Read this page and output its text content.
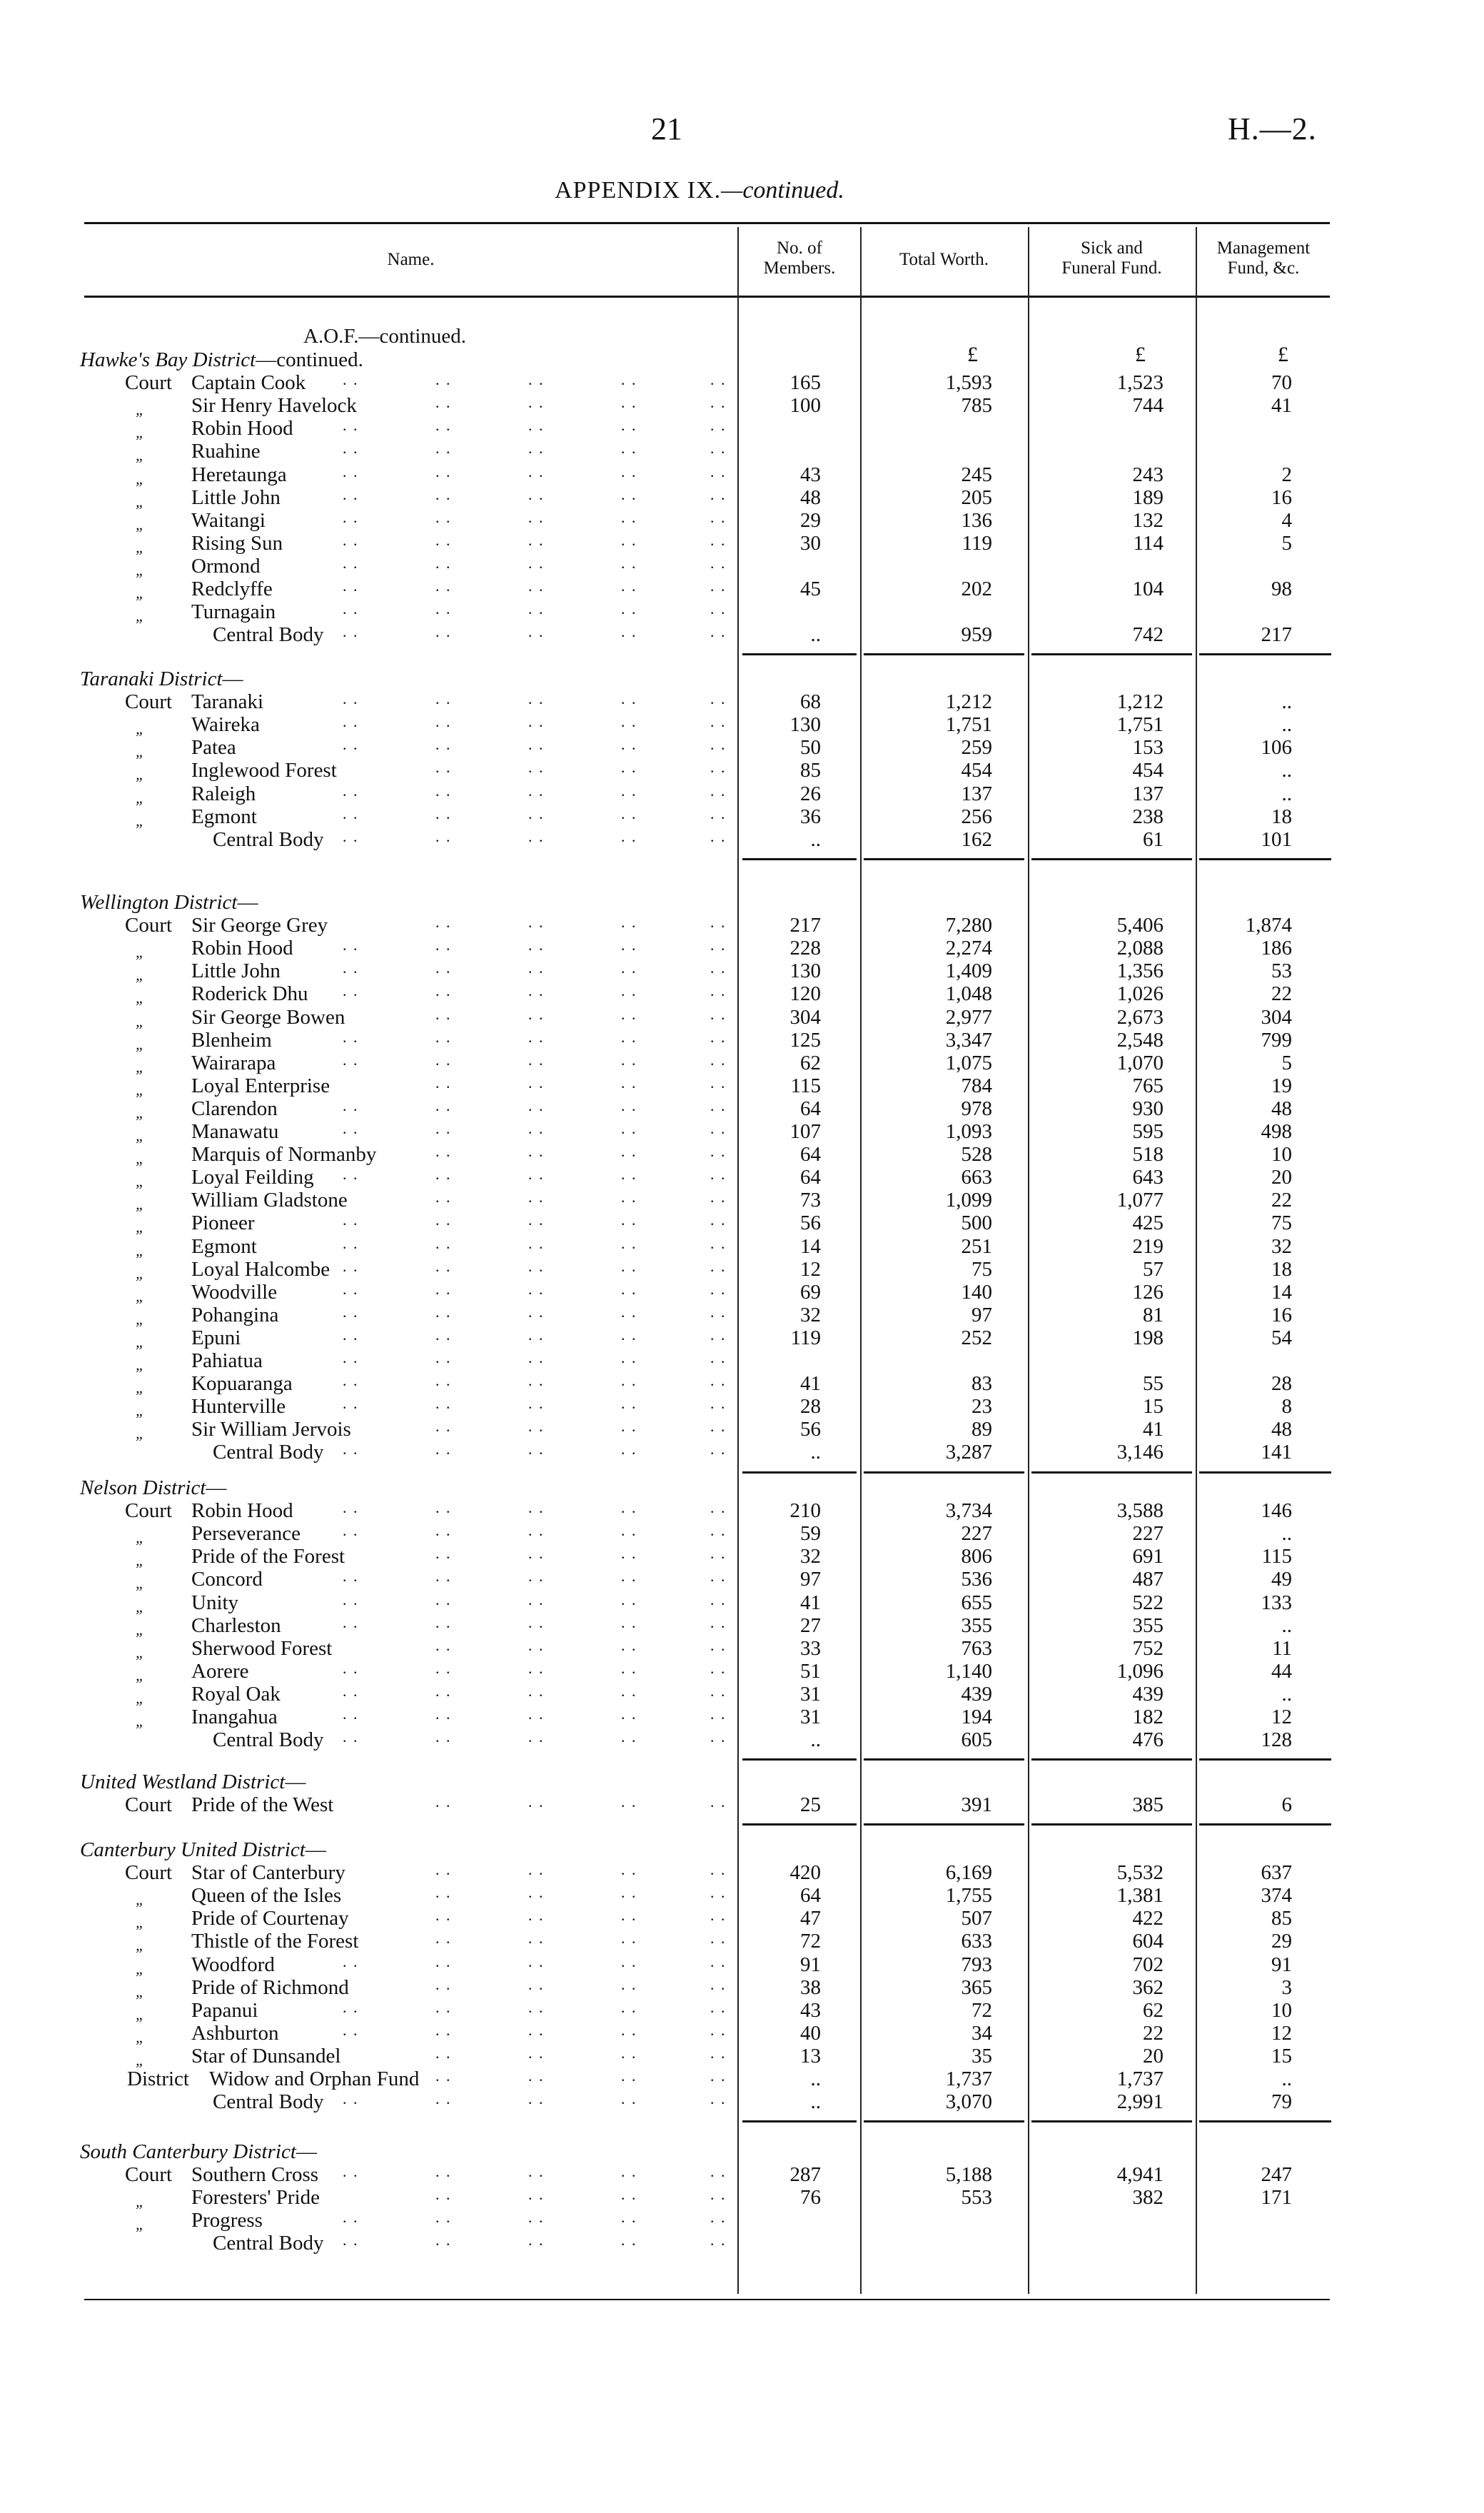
21	H.—2.
APPENDIX IX.—continued.
Name.
No. of
Members.	Total Worth.
Sick and
Funeral Fund.
Management
Fund, &c.
A.O.F.—continued.
£	£	£
Hawke's Bay District—continued.
Court Captain Cook . .	. .	. .	. .	. .	165	1,593	1,523	70
„ Sir Henry Havelock	. .	. .	. .	. .	100	785	744	41
„ Robin Hood	. .	. .	. .	. .	. .
„ Ruahine	. .	. .	. .	. .	. .
„ Heretaunga	. .	. .	. .	. .	. .	43	245	243	2
„ Little John	. .	. .	. .	. .	. .	48	205	189	16
„ Waitangi	. .	. .	. .	. .	. .	29	136	132	4
„ Rising Sun	. .	. .	. .	. .	. .	30	119	114	5
„ Ormond	. .	. .	. .	. .	. .
„ Redclyffe	. .	. .	. .	. .	. .	45	202	104	98
„ Turnagain	. .	. .	. .	. .	. .
Central Body . .	. .	. .	. .	. .	..	959	742	217
Taranaki District—
Court Taranaki	. .	. .	. .	. .	. .	68	1,212	1,212	..
„ Waireka	. .	. .	. .	. .	. .	130	1,751	1,751	..
„ Patea	. .	. .	. .	. .	. .	50	259	153	106
„ Inglewood Forest	. .	. .	. .	. .	85	454	454	..
„ Raleigh	. .	. .	. .	. .	. .	26	137	137	..
„ Egmont	. .	. .	. .	. .	. .	36	256	238	18
Central Body . .	. .	. .	. .	. .	..	162	61	101
Wellington District—
Court Sir George Grey	. .	. .	. .	. .	217	7,280	5,406	1,874
„ Robin Hood	. .	. .	. .	. .	. .	228	2,274	2,088	186
„ Little John	. .	. .	. .	. .	. .	130	1,409	1,356	53
„ Roderick Dhu . .	. .	. .	. .	. .	120	1,048	1,026	22
„ Sir George Bowen	. .	. .	. .	. .	304	2,977	2,673	304
„ Blenheim	. .	. .	. .	. .	. .	125	3,347	2,548	799
„ Wairarapa	. .	. .	. .	. .	. .	62	1,075	1,070	5
„ Loyal Enterprise	. .	. .	. .	. .	115	784	765	19
„ Clarendon	. .	. .	. .	. .	. .	64	978	930	48
„ Manawatu	. .	. .	. .	. .	. .	107	1,093	595	498
„ Marquis of Normanby	. .	. .	. .	. .	64	528	518	10
„ Loyal Feilding . .	. .	. .	. .	. .	64	663	643	20
„ William Gladstone	. .	. .	. .	. .	73	1,099	1,077	22
„ Pioneer	. .	. .	. .	. .	. .	56	500	425	75
„ Egmont	. .	. .	. .	. .	. .	14	251	219	32
„ Loyal Halcombe . .	. .	. .	. .	. .	12	75	57	18
„ Woodville	. .	. .	. .	. .	. .	69	140	126	14
„ Pohangina	. .	. .	. .	. .	. .	32	97	81	16
„ Epuni	. .	. .	. .	. .	. .	119	252	198	54
„ Pahiatua	. .	. .	. .	. .	. .
„ Kopuaranga	. .	. .	. .	. .	. .	41	83	55	28
„ Hunterville	. .	. .	. .	. .	. .	28	23	15	8
„ Sir William Jervois	. .	. .	. .	. .	56	89	41	48
Central Body . .	. .	. .	. .	. .	..	3,287	3,146	141
Nelson District—
Court Robin Hood	. .	. .	. .	. .	. .	210	3,734	3,588	146
„ Perseverance	. .	. .	. .	. .	. .	59	227	227	..
„ Pride of the Forest	. .	. .	. .	. .	32	806	691	115
„ Concord	. .	. .	. .	. .	. .	97	536	487	49
„ Unity	. .	. .	. .	. .	. .	41	655	522	133
„ Charleston	. .	. .	. .	. .	. .	27	355	355	..
„ Sherwood Forest	. .	. .	. .	. .	33	763	752	11
„ Aorere	. .	. .	. .	. .	. .	51	1,140	1,096	44
„ Royal Oak	. .	. .	. .	. .	. .	31	439	439	..
„ Inangahua	. .	. .	. .	. .	. .	31	194	182	12
Central Body . .	. .	. .	. .	. .	..	605	476	128
United Westland District—
Court Pride of the West	. .	. .	. .	. .	25	391	385	6
Canterbury United District—
Court Star of Canterbury	. .	. .	. .	. .	420	6,169	5,532	637
„ Queen of the Isles	. .	. .	. .	. .	64	1,755	1,381	374
„ Pride of Courtenay	. .	. .	. .	. .	47	507	422	85
„ Thistle of the Forest	. .	. .	. .	. .	72	633	604	29
„ Woodford	. .	. .	. .	. .	. .	91	793	702	91
„ Pride of Richmond	. .	. .	. .	. .	38	365	362	3
„ Papanui	. .	. .	. .	. .	. .	43	72	62	10
„ Ashburton	. .	. .	. .	. .	. .	40	34	22	12
„ Star of Dunsandel	. .	. .	. .	. .	13	35	20	15
District Widow and Orphan Fund . .	. .	. .	. .	..	1,737	1,737	..
Central Body . .	. .	. .	. .	. .	..	3,070	2,991	79
South Canterbury District—
Court Southern Cross . .	. .	. .	. .	. .	287	5,188	4,941	247
„ Foresters' Pride	. .	. .	. .	. .	76	553	382	171
„ Progress	. .	. .	. .	. .	. .
Central Body . .	. .	. .	. .	. .
